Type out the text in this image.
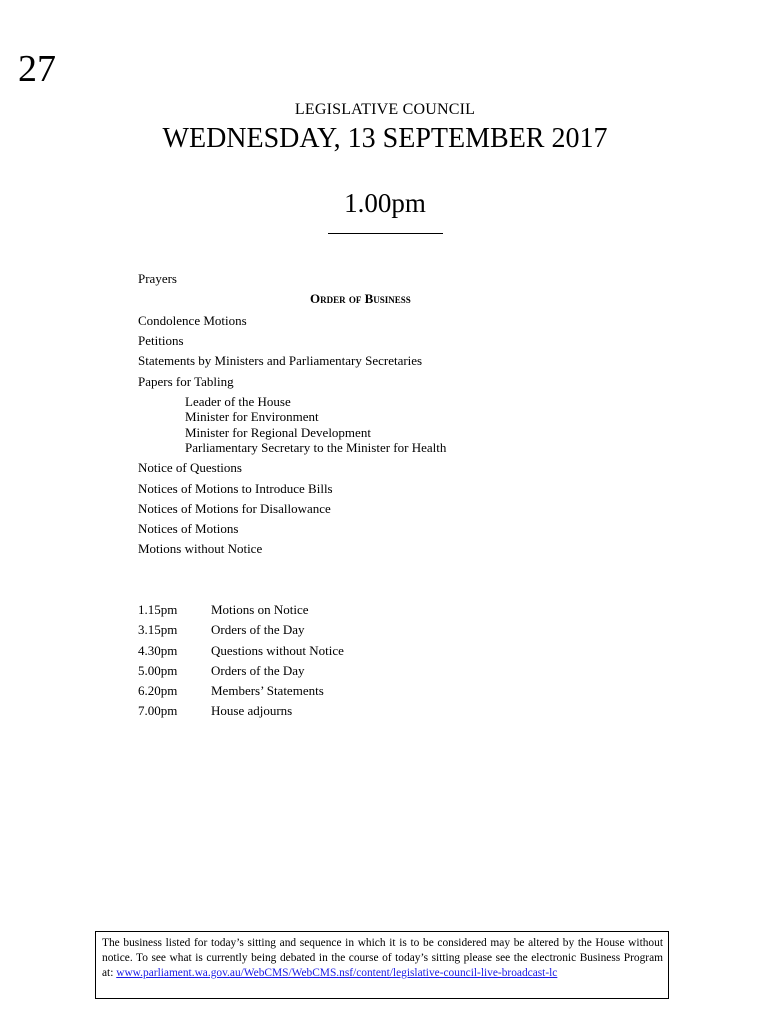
27
LEGISLATIVE COUNCIL
WEDNESDAY, 13 SEPTEMBER 2017
1.00pm
Prayers
Order of Business
Condolence Motions
Petitions
Statements by Ministers and Parliamentary Secretaries
Papers for Tabling
Leader of the House
Minister for Environment
Minister for Regional Development
Parliamentary Secretary to the Minister for Health
Notice of Questions
Notices of Motions to Introduce Bills
Notices of Motions for Disallowance
Notices of Motions
Motions without Notice
1.15pm	Motions on Notice
3.15pm	Orders of the Day
4.30pm	Questions without Notice
5.00pm	Orders of the Day
6.20pm	Members’ Statements
7.00pm	House adjourns
The business listed for today’s sitting and sequence in which it is to be considered may be altered by the House without notice. To see what is currently being debated in the course of today’s sitting please see the electronic Business Program at: www.parliament.wa.gov.au/WebCMS/WebCMS.nsf/content/legislative-council-live-broadcast-lc
